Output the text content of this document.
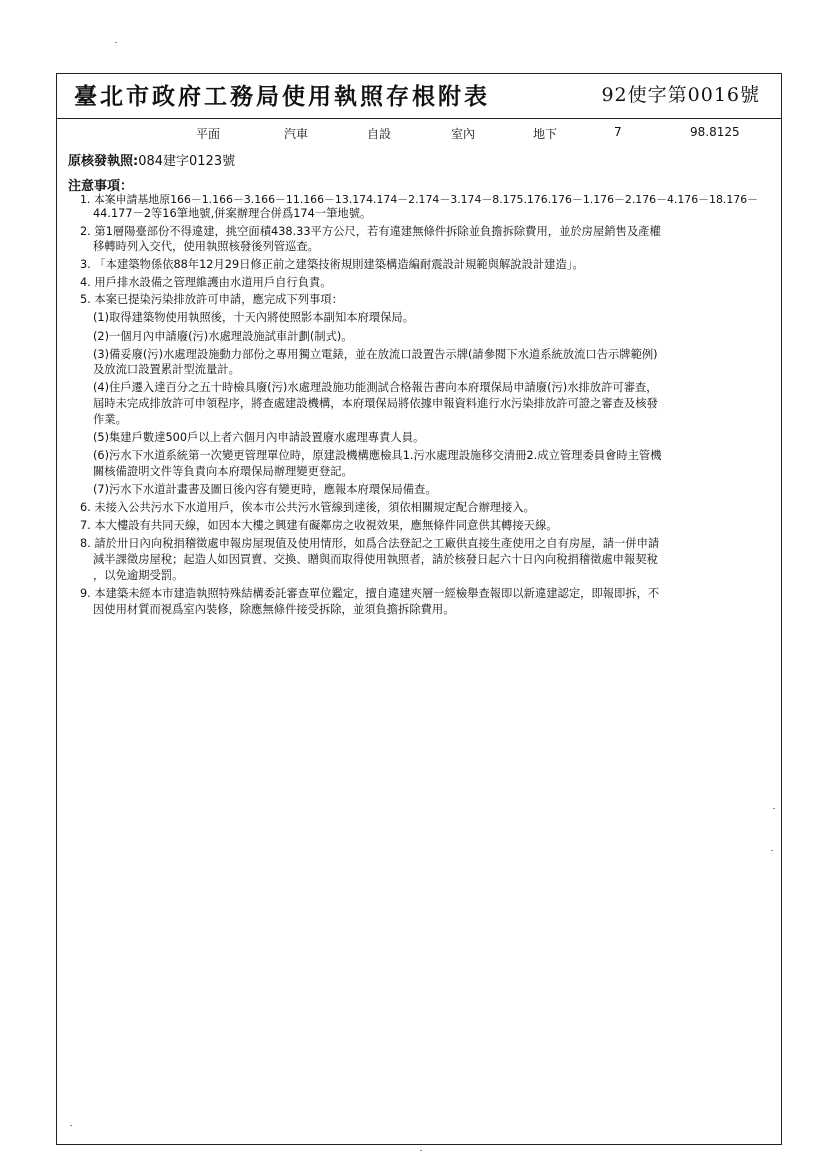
臺北市政府工務局使用執照存根附表	92使字第0016號
平面	汽車	自設	室內	地下	7	98.8125
原核發執照:084建字0123號
注意事項：
1. 本案申請基地原166－1.166－3.166－11.166－13.174.174－2.174－3.174－8.175.176.176－1.176－2.176－4.176－18.176－
44.177－2等16筆地號,併案辦理合併爲174一筆地號。
2. 第1層陽臺部份不得違建，挑空面積438.33平方公尺，若有違建無條件拆除並負擔拆除費用，並於房屋銷售及產權
移轉時列入交代，使用執照核發後列管巡查。
3. 「本建築物係依88年12月29日修正前之建築技術規則建築構造編耐震設計規範與解說設計建造」。
4. 用戶排水設備之管理維護由水道用戶自行負責。
5. 本案已提染污染排放許可申請，應完成下列事項：
(1)取得建築物使用執照後，十天內將使照影本副知本府環保局。
(2)一個月內申請廢(污)水處理設施試車計劃(制式)。
(3)備妥廢(污)水處理設施動力部份之專用獨立電錶，並在放流口設置告示牌(請參閱下水道系統放流口告示牌範例)
及放流口設置累計型流量計。
(4)住戶遷入達百分之五十時檢具廢(污)水處理設施功能測試合格報告書向本府環保局申請廢(污)水排放許可審查，
屆時未完成排放許可申領程序，將查處建設機構，本府環保局將依據申報資料進行水污染排放許可證之審查及核發
作業。
(5)集建戶數達500戶以上者六個月內申請設置廢水處理專責人員。
(6)污水下水道系統第一次變更管理單位時，原建設機構應檢具1.污水處理設施移交清冊2.成立管理委員會時主管機
關核備證明文件等負責向本府環保局辦理變更登記。
(7)污水下水道計畫書及圖日後內容有變更時，應報本府環保局備查。
6. 未接入公共污水下水道用戶，俟本市公共污水管線到達後，須依相關規定配合辦理接入。
7. 本大樓設有共同天線，如因本大樓之興建有礙鄰房之收視效果，應無條件同意供其轉接天線。
8. 請於卅日內向稅捐稽徵處申報房屋現值及使用情形，如爲合法登記之工廠供直接生產使用之自有房屋，請一併申請
減半課徵房屋稅；起造人如因買賣、交換、贈與而取得使用執照者，請於核發日起六十日內向稅捐稽徵處申報契稅
，以免逾期受罰。
9. 本建築未經本市建造執照特殊結構委託審查單位鑑定，擅自違建夾層一經檢舉查報即以新違建認定，即報即拆，不
因使用材質而視爲室內裝修，除應無條件接受拆除，並須負擔拆除費用。
